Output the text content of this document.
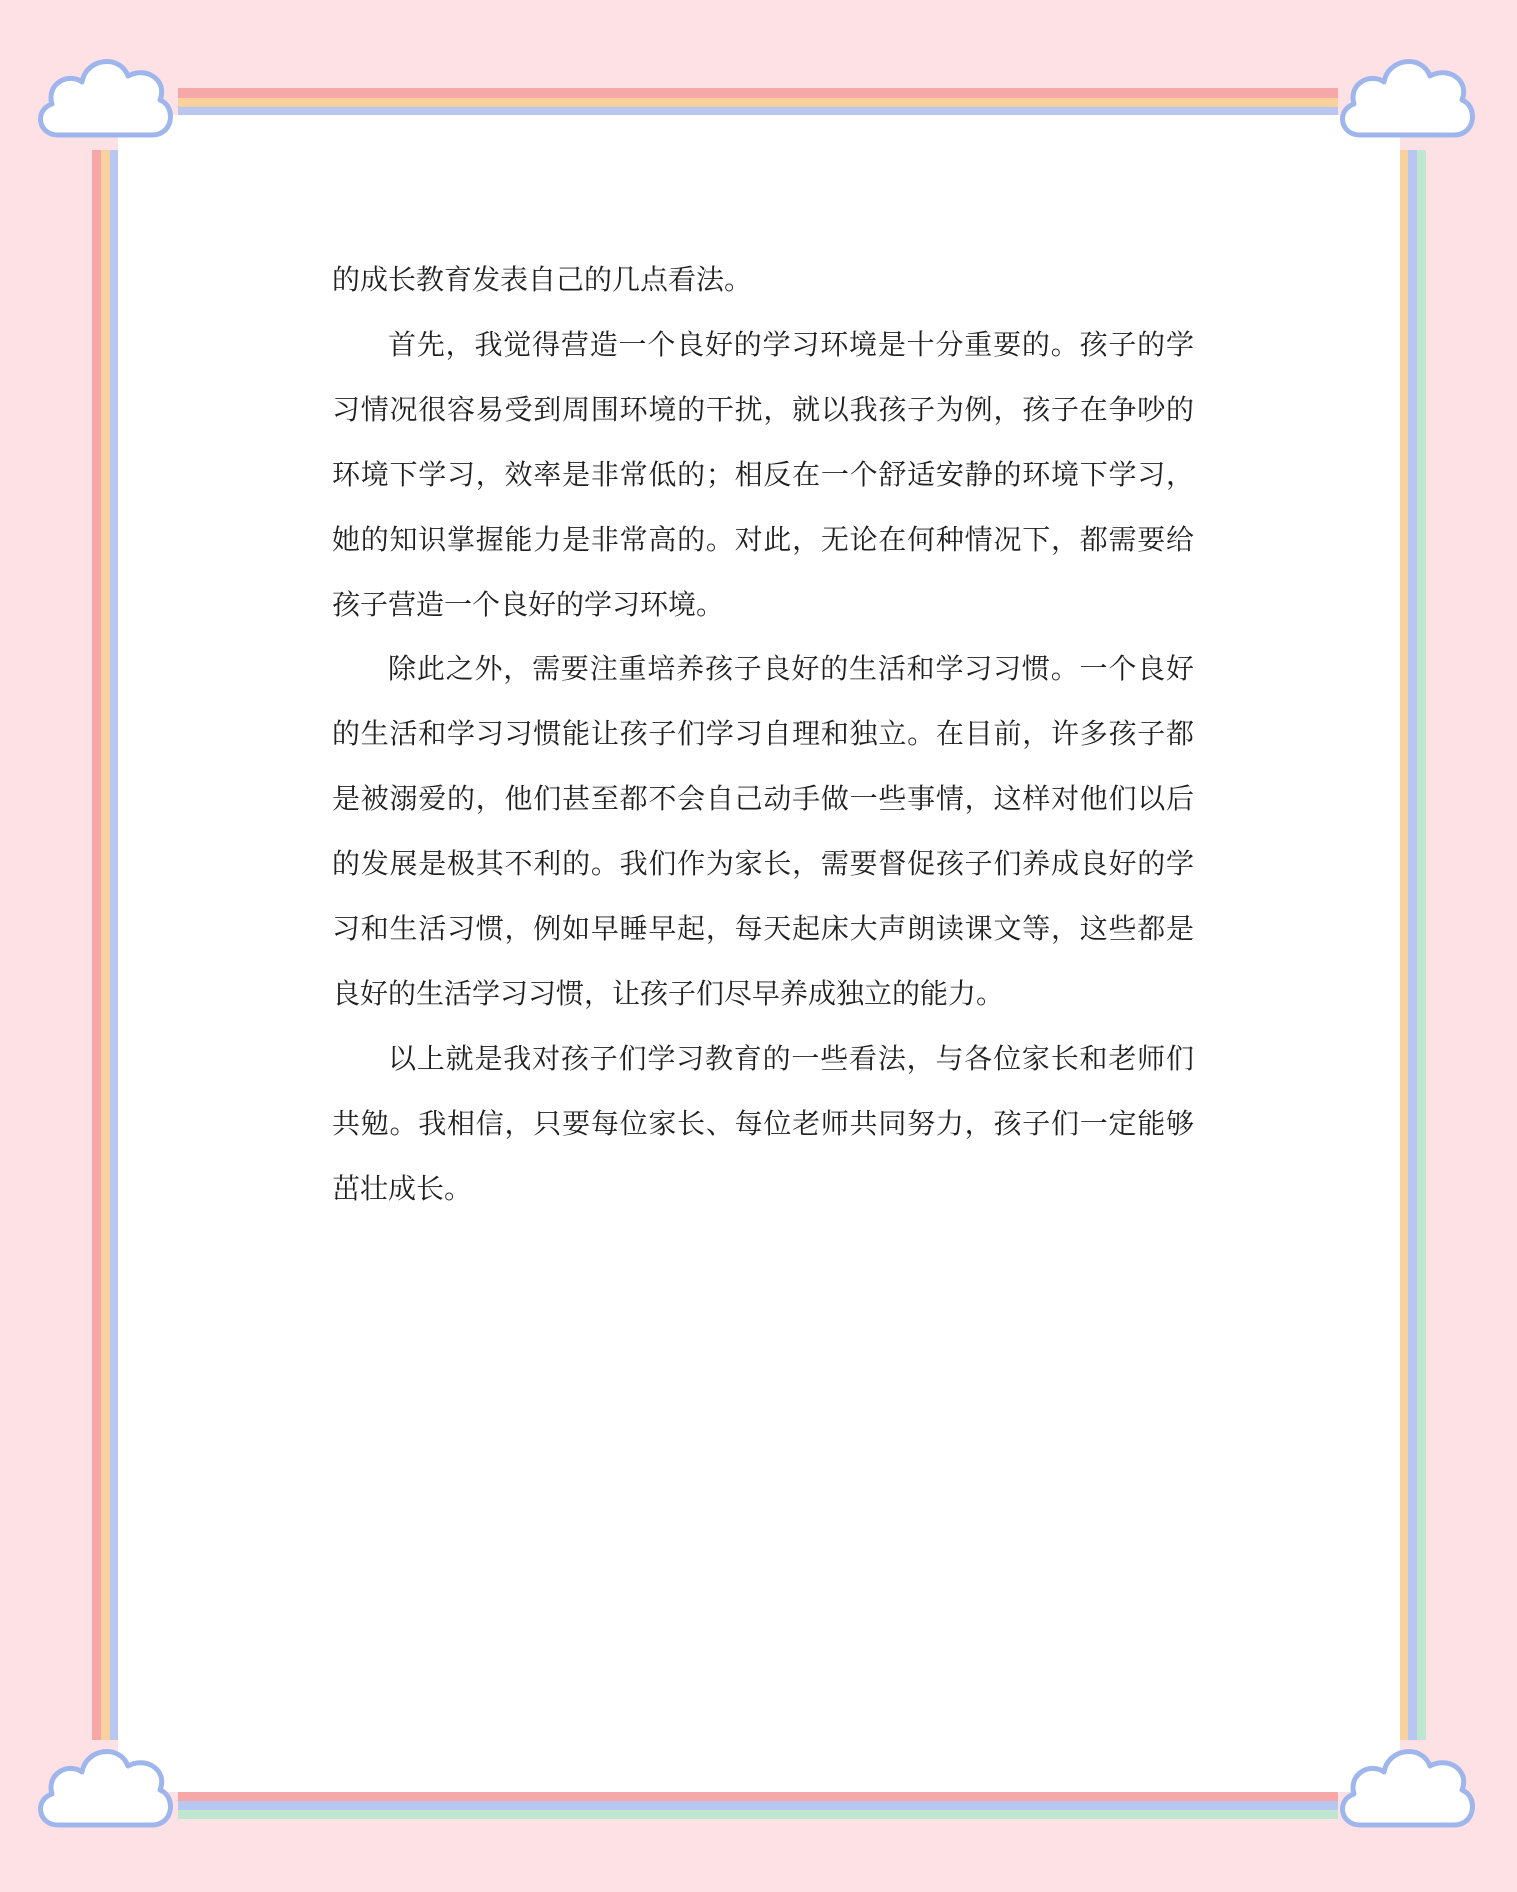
的成长教育发表自己的几点看法。

首先，我觉得营造一个良好的学习环境是十分重要的。孩子的学习情况很容易受到周围环境的干扰，就以我孩子为例，孩子在争吵的环境下学习，效率是非常低的；相反在一个舒适安静的环境下学习，她的知识掌握能力是非常高的。对此，无论在何种情况下，都需要给孩子营造一个良好的学习环境。

除此之外，需要注重培养孩子良好的生活和学习习惯。一个良好的生活和学习习惯能让孩子们学习自理和独立。在目前，许多孩子都是被溺爱的，他们甚至都不会自己动手做一些事情，这样对他们以后的发展是极其不利的。我们作为家长，需要督促孩子们养成良好的学习和生活习惯，例如早睡早起，每天起床大声朗读课文等，这些都是良好的生活学习习惯，让孩子们尽早养成独立的能力。

以上就是我对孩子们学习教育的一些看法，与各位家长和老师们共勉。我相信，只要每位家长、每位老师共同努力，孩子们一定能够茁壮成长。
